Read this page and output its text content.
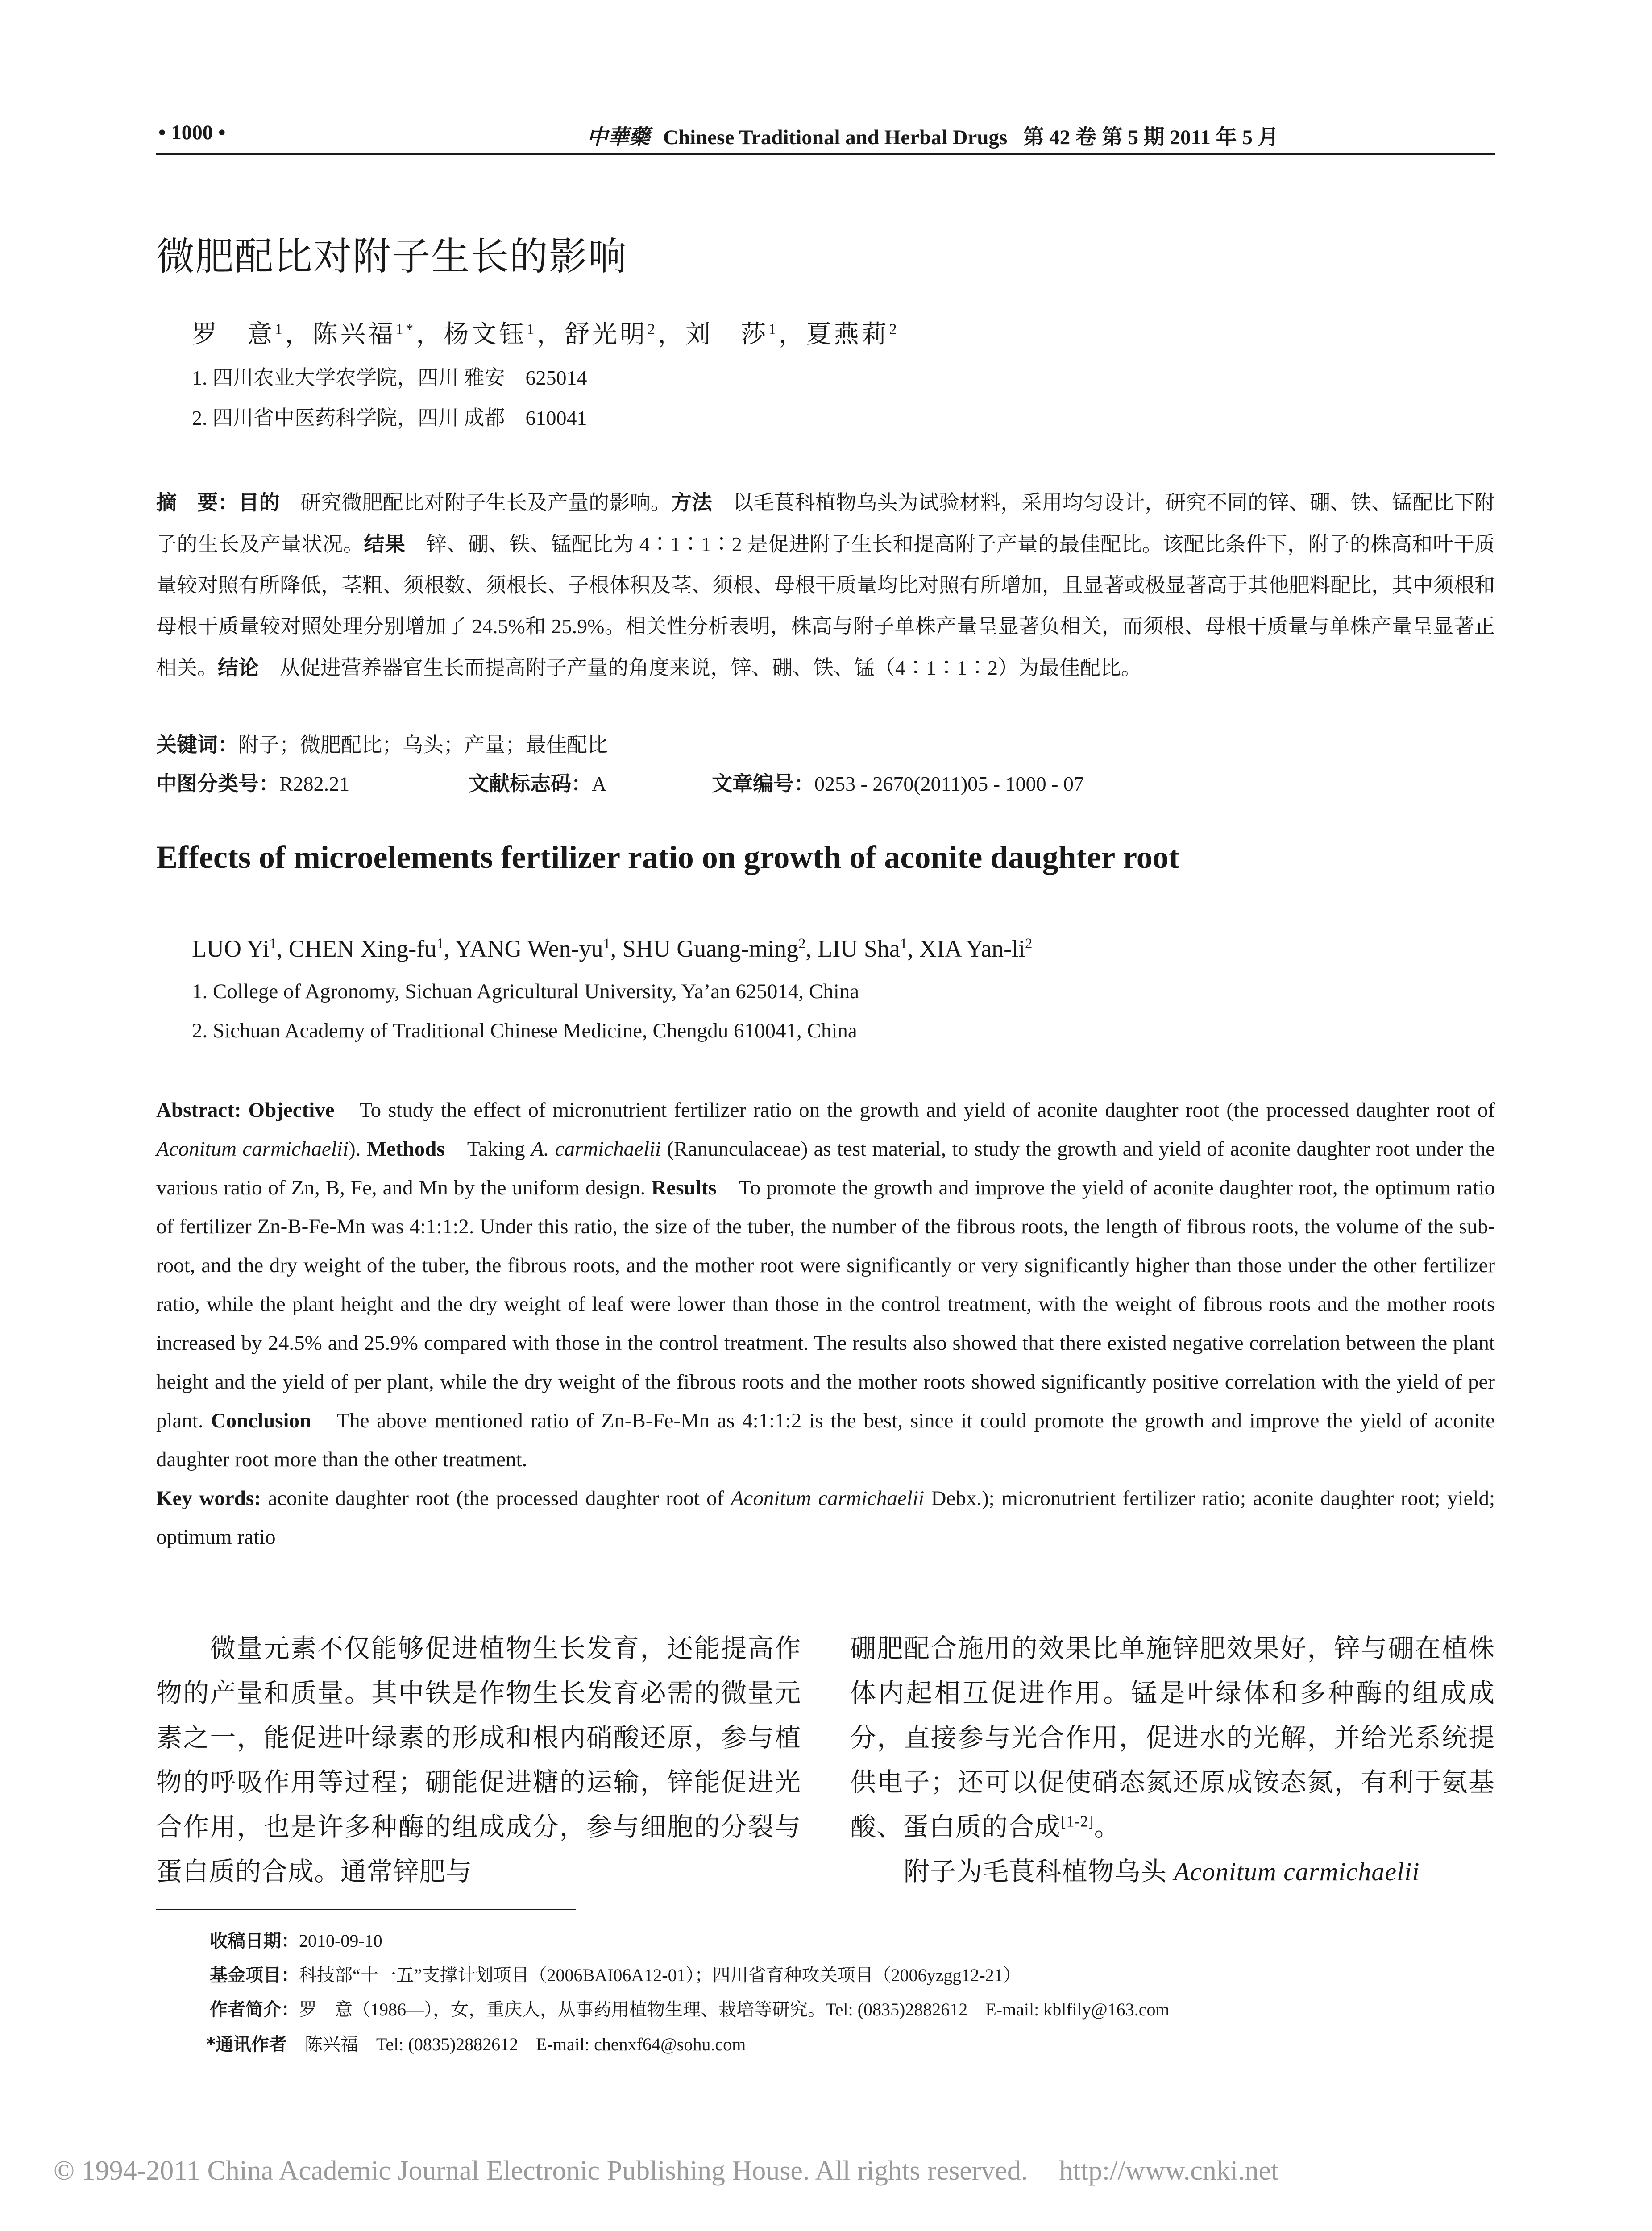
• 1000 •	中華藥 Chinese Traditional and Herbal Drugs 第 42 卷 第 5 期 2011 年 5 月
微肥配比对附子生长的影响
罗　意$^1$，陈兴福$^{1*}$，杨文钰$^1$，舒光明$^2$，刘　莎$^1$，夏燕莉$^2$
1. 四川农业大学农学院，四川 雅安　625014
2. 四川省中医药科学院，四川 成都　610041
摘　要：目的　研究微肥配比对附子生长及产量的影响。方法　以毛茛科植物乌头为试验材料，采用均匀设计，研究不同的锌、硼、铁、锰配比下附子的生长及产量状况。结果　锌、硼、铁、锰配比为 4∶1∶1∶2 是促进附子生长和提高附子产量的最佳配比。该配比条件下，附子的株高和叶干质量较对照有所降低，茎粗、须根数、须根长、子根体积及茎、须根、母根干质量均比对照有所增加，且显著或极显著高于其他肥料配比，其中须根和母根干质量较对照处理分别增加了 24.5%和 25.9%。相关性分析表明，株高与附子单株产量呈显著负相关，而须根、母根干质量与单株产量呈显著正相关。结论　从促进营养器官生长而提高附子产量的角度来说，锌、硼、铁、锰（4∶1∶1∶2）为最佳配比。
关键词：附子；微肥配比；乌头；产量；最佳配比
中图分类号：R282.21	文献标志码：A	文章编号：0253 - 2670(2011)05 - 1000 - 07
Effects of microelements fertilizer ratio on growth of aconite daughter root
LUO Yi$^1$, CHEN Xing-$fu^1$, YANG Wen-$yu^1$, SHU Guang-ming$^2$, LIU Sha$^1$, XIA Yan-$li^2$
1. College of Agronomy, Sichuan Agricultural University, Ya’an 625014, China
2. Sichuan Academy of Traditional Chinese Medicine, Chengdu 610041, China
Abstract: Objective　To study the effect of micronutrient fertilizer ratio on the growth and yield of aconite daughter root (the processed daughter root of Aconitum carmichaelii). Methods　Taking A. carmichaelii (Ranunculaceae) as test material, to study the growth and yield of aconite daughter root under the various ratio of Zn, B, Fe, and Mn by the uniform design. Results　To promote the growth and improve the yield of aconite daughter root, the optimum ratio of fertilizer Zn-B-Fe-Mn was 4:1:1:2. Under this ratio, the size of the tuber, the number of the fibrous roots, the length of fibrous roots, the volume of the sub-root, and the dry weight of the tuber, the fibrous roots, and the mother root were significantly or very significantly higher than those under the other fertilizer ratio, while the plant height and the dry weight of leaf were lower than those in the control treatment, with the weight of fibrous roots and the mother roots increased by 24.5% and 25.9% compared with those in the control treatment. The results also showed that there existed negative correlation between the plant height and the yield of per plant, while the dry weight of the fibrous roots and the mother roots showed significantly positive correlation with the yield of per plant. Conclusion　The above mentioned ratio of Zn-B-Fe-Mn as 4:1:1:2 is the best, since it could promote the growth and improve the yield of aconite daughter root more than the other treatment.
Key words: aconite daughter root (the processed daughter root of Aconitum carmichaelii Debx.); micronutrient fertilizer ratio; aconite daughter root; yield; optimum ratio

微量元素不仅能够促进植物生长发育，还能提高作物的产量和质量。其中铁是作物生长发育必需的微量元素之一，能促进叶绿素的形成和根内硝酸还原，参与植物的呼吸作用等过程；硼能促进糖的运输，锌能促进光合作用，也是许多种酶的组成成分，参与细胞的分裂与蛋白质的合成。通常锌肥与

硼肥配合施用的效果比单施锌肥效果好，锌与硼在植株体内起相互促进作用。锰是叶绿体和多种酶的组成成分，直接参与光合作用，促进水的光解，并给光系统提供电子；还可以促使硝态氮还原成铵态氮，有利于氨基酸、蛋白质的合成[1-2]。

附子为毛茛科植物乌头 Aconitum carmichaelii

收稿日期：2010-09-10
基金项目：科技部“十一五”支撑计划项目（2006BAI06A12-01）；四川省育种攻关项目（2006yzgg12-21）
作者简介：罗　意（1986—），女，重庆人，从事药用植物生理、栽培等研究。Tel: (0835)2882612　E-mail: kblfily@163.com
*通讯作者　陈兴福　Tel: (0835)2882612　E-mail: chenxf64@sohu.com
© 1994-2011 China Academic Journal Electronic Publishing House. All rights reserved. http://www.cnki.net
